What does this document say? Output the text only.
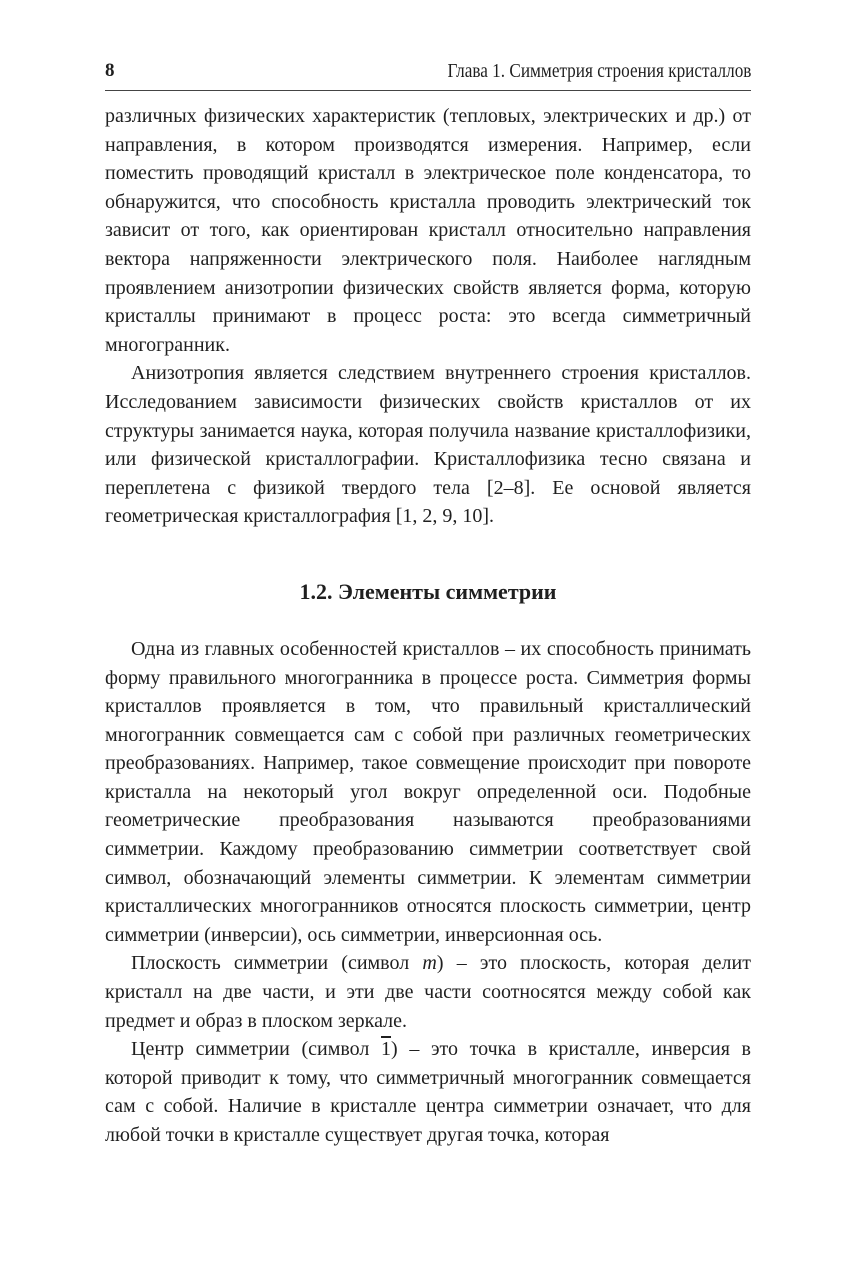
8	Глава 1. Симметрия строения кристаллов

различных физических характеристик (тепловых, электрических и др.) от направления, в котором производятся измерения. Например, если поместить проводящий кристалл в электрическое поле конденсатора, то обнаружится, что способность кристалла проводить электрический ток зависит от того, как ориентирован кристалл относительно направления вектора напряженности электрического поля. Наиболее наглядным проявлением анизотропии физических свойств является форма, которую кристаллы принимают в процесс роста: это всегда симметричный многогранник.

Анизотропия является следствием внутреннего строения кристаллов. Исследованием зависимости физических свойств кристаллов от их структуры занимается наука, которая получила название кристаллофизики, или физической кристаллографии. Кристаллофизика тесно связана и переплетена с физикой твердого тела [2–8]. Ее основой является геометрическая кристаллография [1, 2, 9, 10].

1.2. Элементы симметрии

Одна из главных особенностей кристаллов – их способность принимать форму правильного многогранника в процессе роста. Симметрия формы кристаллов проявляется в том, что правильный кристаллический многогранник совмещается сам с собой при различных геометрических преобразованиях. Например, такое совмещение происходит при повороте кристалла на некоторый угол вокруг определенной оси. Подобные геометрические преобразования называются преобразованиями симметрии. Каждому преобразованию симметрии соответствует свой символ, обозначающий элементы симметрии. К элементам симметрии кристаллических многогранников относятся плоскость симметрии, центр симметрии (инверсии), ось симметрии, инверсионная ось.

Плоскость симметрии (символ m) – это плоскость, которая делит кристалл на две части, и эти две части соотносятся между собой как предмет и образ в плоском зеркале.

Центр симметрии (символ 1) – это точка в кристалле, инверсия в которой приводит к тому, что симметричный многогранник совмещается сам с собой. Наличие в кристалле центра симметрии означает, что для любой точки в кристалле существует другая точка, которая
